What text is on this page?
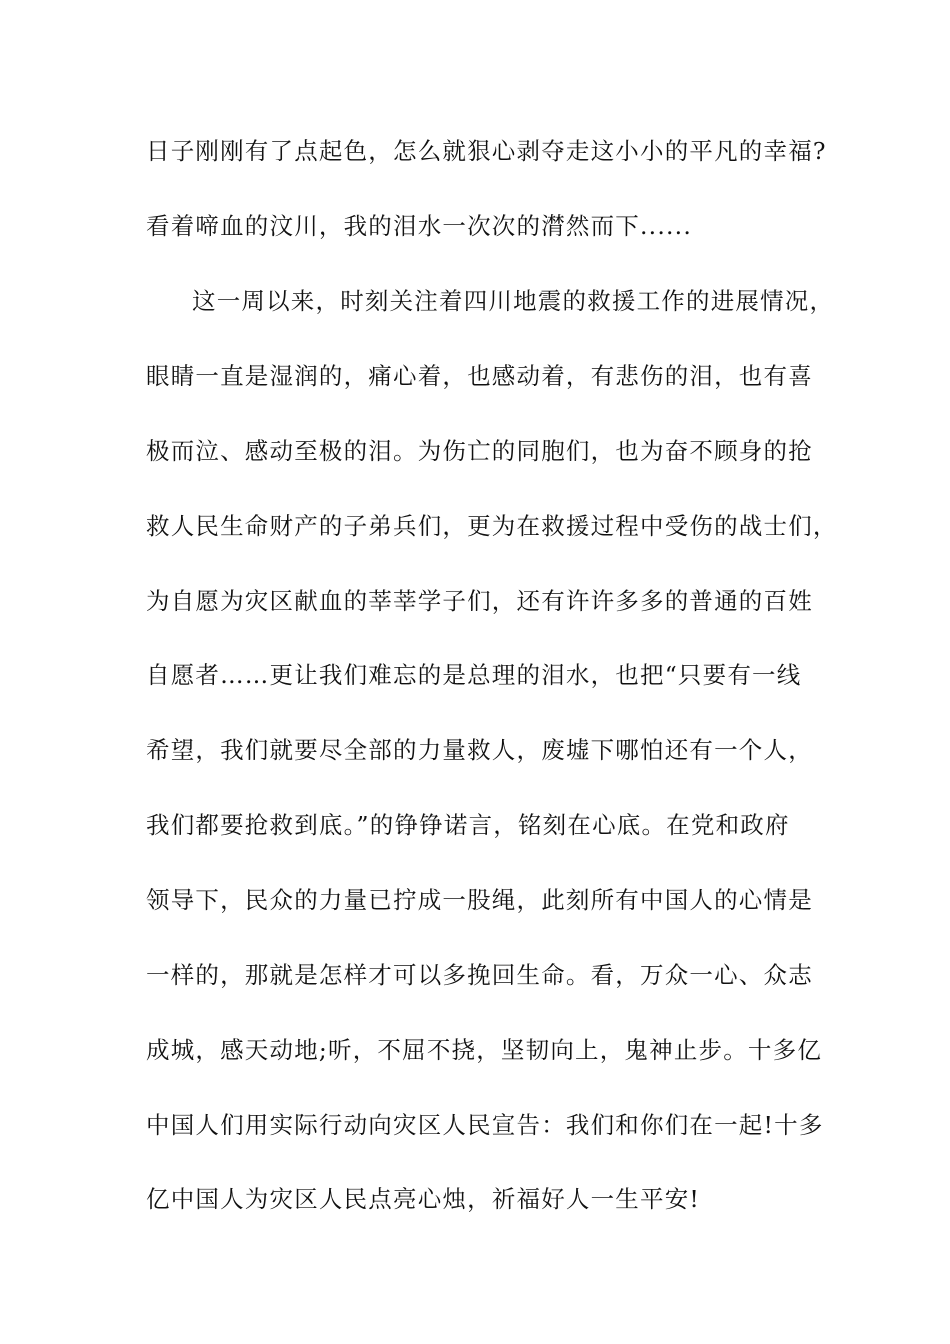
日子刚刚有了点起色，怎么就狠心剥夺走这小小的平凡的幸福?
看着啼血的汶川，我的泪水一次次的潸然而下......
这一周以来，时刻关注着四川地震的救援工作的进展情况，
眼睛一直是湿润的，痛心着，也感动着，有悲伤的泪，也有喜
极而泣、感动至极的泪。为伤亡的同胞们，也为奋不顾身的抢
救人民生命财产的子弟兵们，更为在救援过程中受伤的战士们，
为自愿为灾区献血的莘莘学子们，还有许许多多的普通的百姓
自愿者……更让我们难忘的是总理的泪水，也把“只要有一线
希望，我们就要尽全部的力量救人，废墟下哪怕还有一个人，
我们都要抢救到底。”的铮铮诺言，铭刻在心底。在党和政府
领导下，民众的力量已拧成一股绳，此刻所有中国人的心情是
一样的，那就是怎样才可以多挽回生命。看，万众一心、众志
成城，感天动地;听，不屈不挠，坚韧向上，鬼神止步。十多亿
中国人们用实际行动向灾区人民宣告：我们和你们在一起!十多
亿中国人为灾区人民点亮心烛，祈福好人一生平安!
